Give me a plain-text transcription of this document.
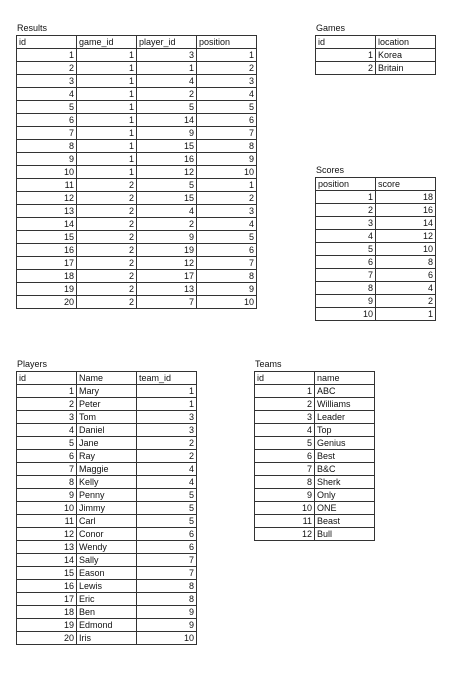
Results
id	game_id	player_id	position
1	1	3	1
2	1	1	2
3	1	4	3
4	1	2	4
5	1	5	5
6	1	14	6
7	1	9	7
8	1	15	8
9	1	16	9
10	1	12	10
11	2	5	1
12	2	15	2
13	2	4	3
14	2	2	4
15	2	9	5
16	2	19	6
17	2	12	7
18	2	17	8
19	2	13	9
20	2	7	10
Games
id	location
1	Korea
2	Britain
Scores
position	score
1	18
2	16
3	14
4	12
5	10
6	8
7	6
8	4
9	2
10	1
Players
id	Name	team_id
1	Mary	1
2	Peter	1
3	Tom	3
4	Daniel	3
5	Jane	2
6	Ray	2
7	Maggie	4
8	Kelly	4
9	Penny	5
10	Jimmy	5
11	Carl	5
12	Conor	6
13	Wendy	6
14	Sally	7
15	Eason	7
16	Lewis	8
17	Eric	8
18	Ben	9
19	Edmond	9
20	Iris	10
Teams
id	name
1	ABC
2	Williams
3	Leader
4	Top
5	Genius
6	Best
7	B&C
8	Sherk
9	Only
10	ONE
11	Beast
12	Bull
